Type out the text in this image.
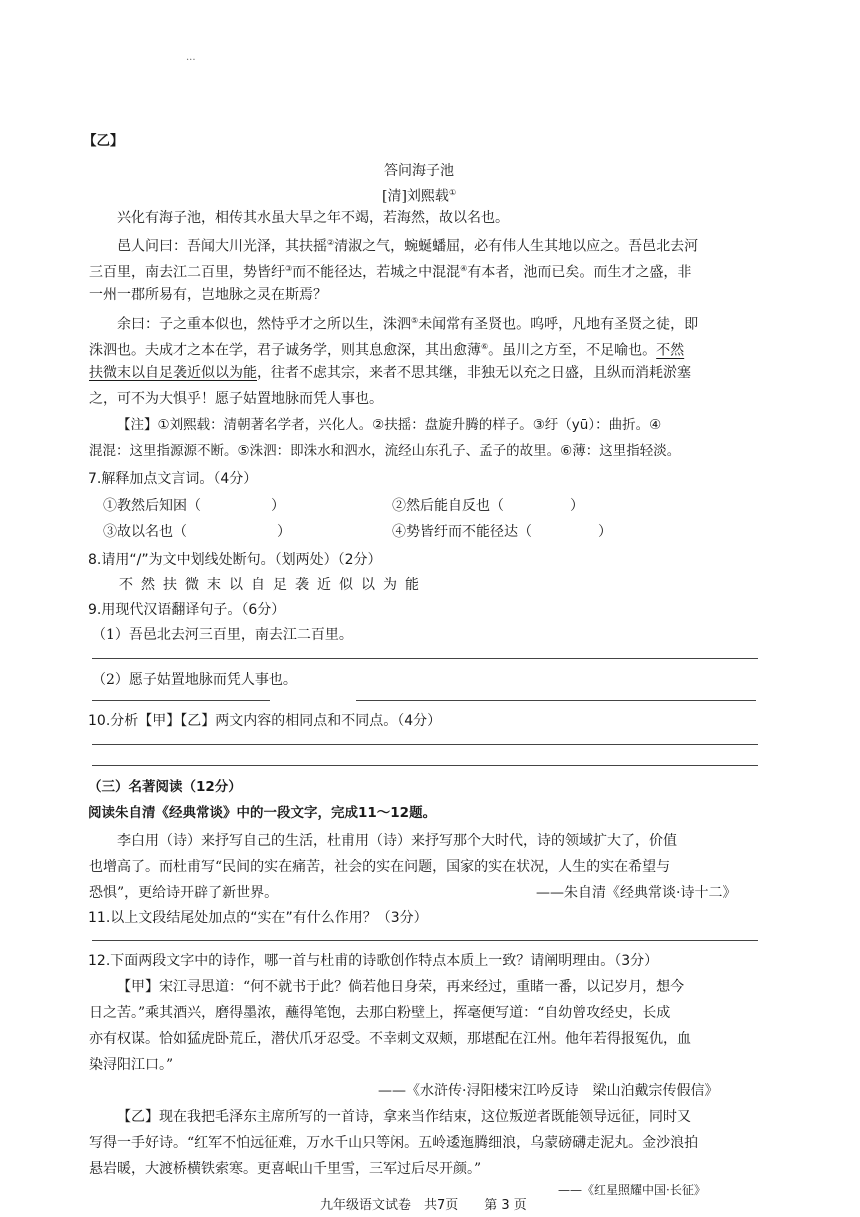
...
【乙】
答问海子池
[清]刘熙载①
兴化有海子池，相传其水虽大旱之年不竭，若海然，故以名也。
邑人问曰：吾闻大川光泽，其扶摇②清淑之气，蜿蜒蟠屈，必有伟人生其地以应之。吾邑北去河
三百里，南去江二百里，势皆纡③而不能径达，若城之中混混④有本者，池而已矣。而生才之盛，非
一州一郡所易有，岂地脉之灵在斯焉？
余曰：子之重本似也，然恃乎才之所以生，洙泗⑤未闻常有圣贤也。呜呼，凡地有圣贤之徒，即
洙泗也。夫成才之本在学，君子诚务学，则其息愈深，其出愈薄⑥。虽川之方至，不足喻也。不然
扶微末以自足袭近似以为能，往者不虑其宗，来者不思其继，非独无以充之日盛，且纵而消耗淤塞
之，可不为大惧乎！愿子姑置地脉而凭人事也。
【注】①刘熙载：清朝著名学者，兴化人。②扶摇：盘旋升腾的样子。③纡（yū）：曲折。④
混混：这里指源源不断。⑤洙泗：即洙水和泗水，流经山东孔子、孟子的故里。⑥薄：这里指轻淡。
7.解释加点文言词。（4分）
①教然后知困（	）	②然后能自反也（	）
③故以名也（	）	④势皆纡而不能径达（	）
8.请用“/”为文中划线处断句。（划两处）（2分）
不然扶微末以自足袭近似以为能
9.用现代汉语翻译句子。（6分）
（1）吾邑北去河三百里，南去江二百里。
（2）愿子姑置地脉而凭人事也。
10.分析【甲】【乙】两文内容的相同点和不同点。（4分）
（三）名著阅读（12分）
阅读朱自清《经典常谈》中的一段文字，完成11～12题。
李白用（诗）来抒写自己的生活，杜甫用（诗）来抒写那个大时代，诗的领域扩大了，价值
也增高了。而杜甫写“民间的实在痛苦，社会的实在问题，国家的实在状况，人生的实在希望与
恐惧”，更给诗开辟了新世界。	——朱自清《经典常谈·诗十二》
11.以上文段结尾处加点的“实在”有什么作用？（3分）
12.下面两段文字中的诗作，哪一首与杜甫的诗歌创作特点本质上一致？请阐明理由。（3分）
【甲】宋江寻思道：“何不就书于此？倘若他日身荣，再来经过，重睹一番，以记岁月，想今
日之苦。”乘其酒兴，磨得墨浓，蘸得笔饱，去那白粉壁上，挥毫便写道：“自幼曾攻经史，长成
亦有权谋。恰如猛虎卧荒丘，潜伏爪牙忍受。不幸刺文双颊，那堪配在江州。他年若得报冤仇，血
染浔阳江口。”
——《水浒传·浔阳楼宋江吟反诗　梁山泊戴宗传假信》
【乙】现在我把毛泽东主席所写的一首诗，拿来当作结束，这位叛逆者既能领导远征，同时又
写得一手好诗。“红军不怕远征难，万水千山只等闲。五岭逶迤腾细浪，乌蒙磅礴走泥丸。金沙浪拍
悬岩暖，大渡桥横铁索寒。更喜岷山千里雪，三军过后尽开颜。”
——《红星照耀中国·长征》
九年级语文试卷　共7页　　第 3 页
